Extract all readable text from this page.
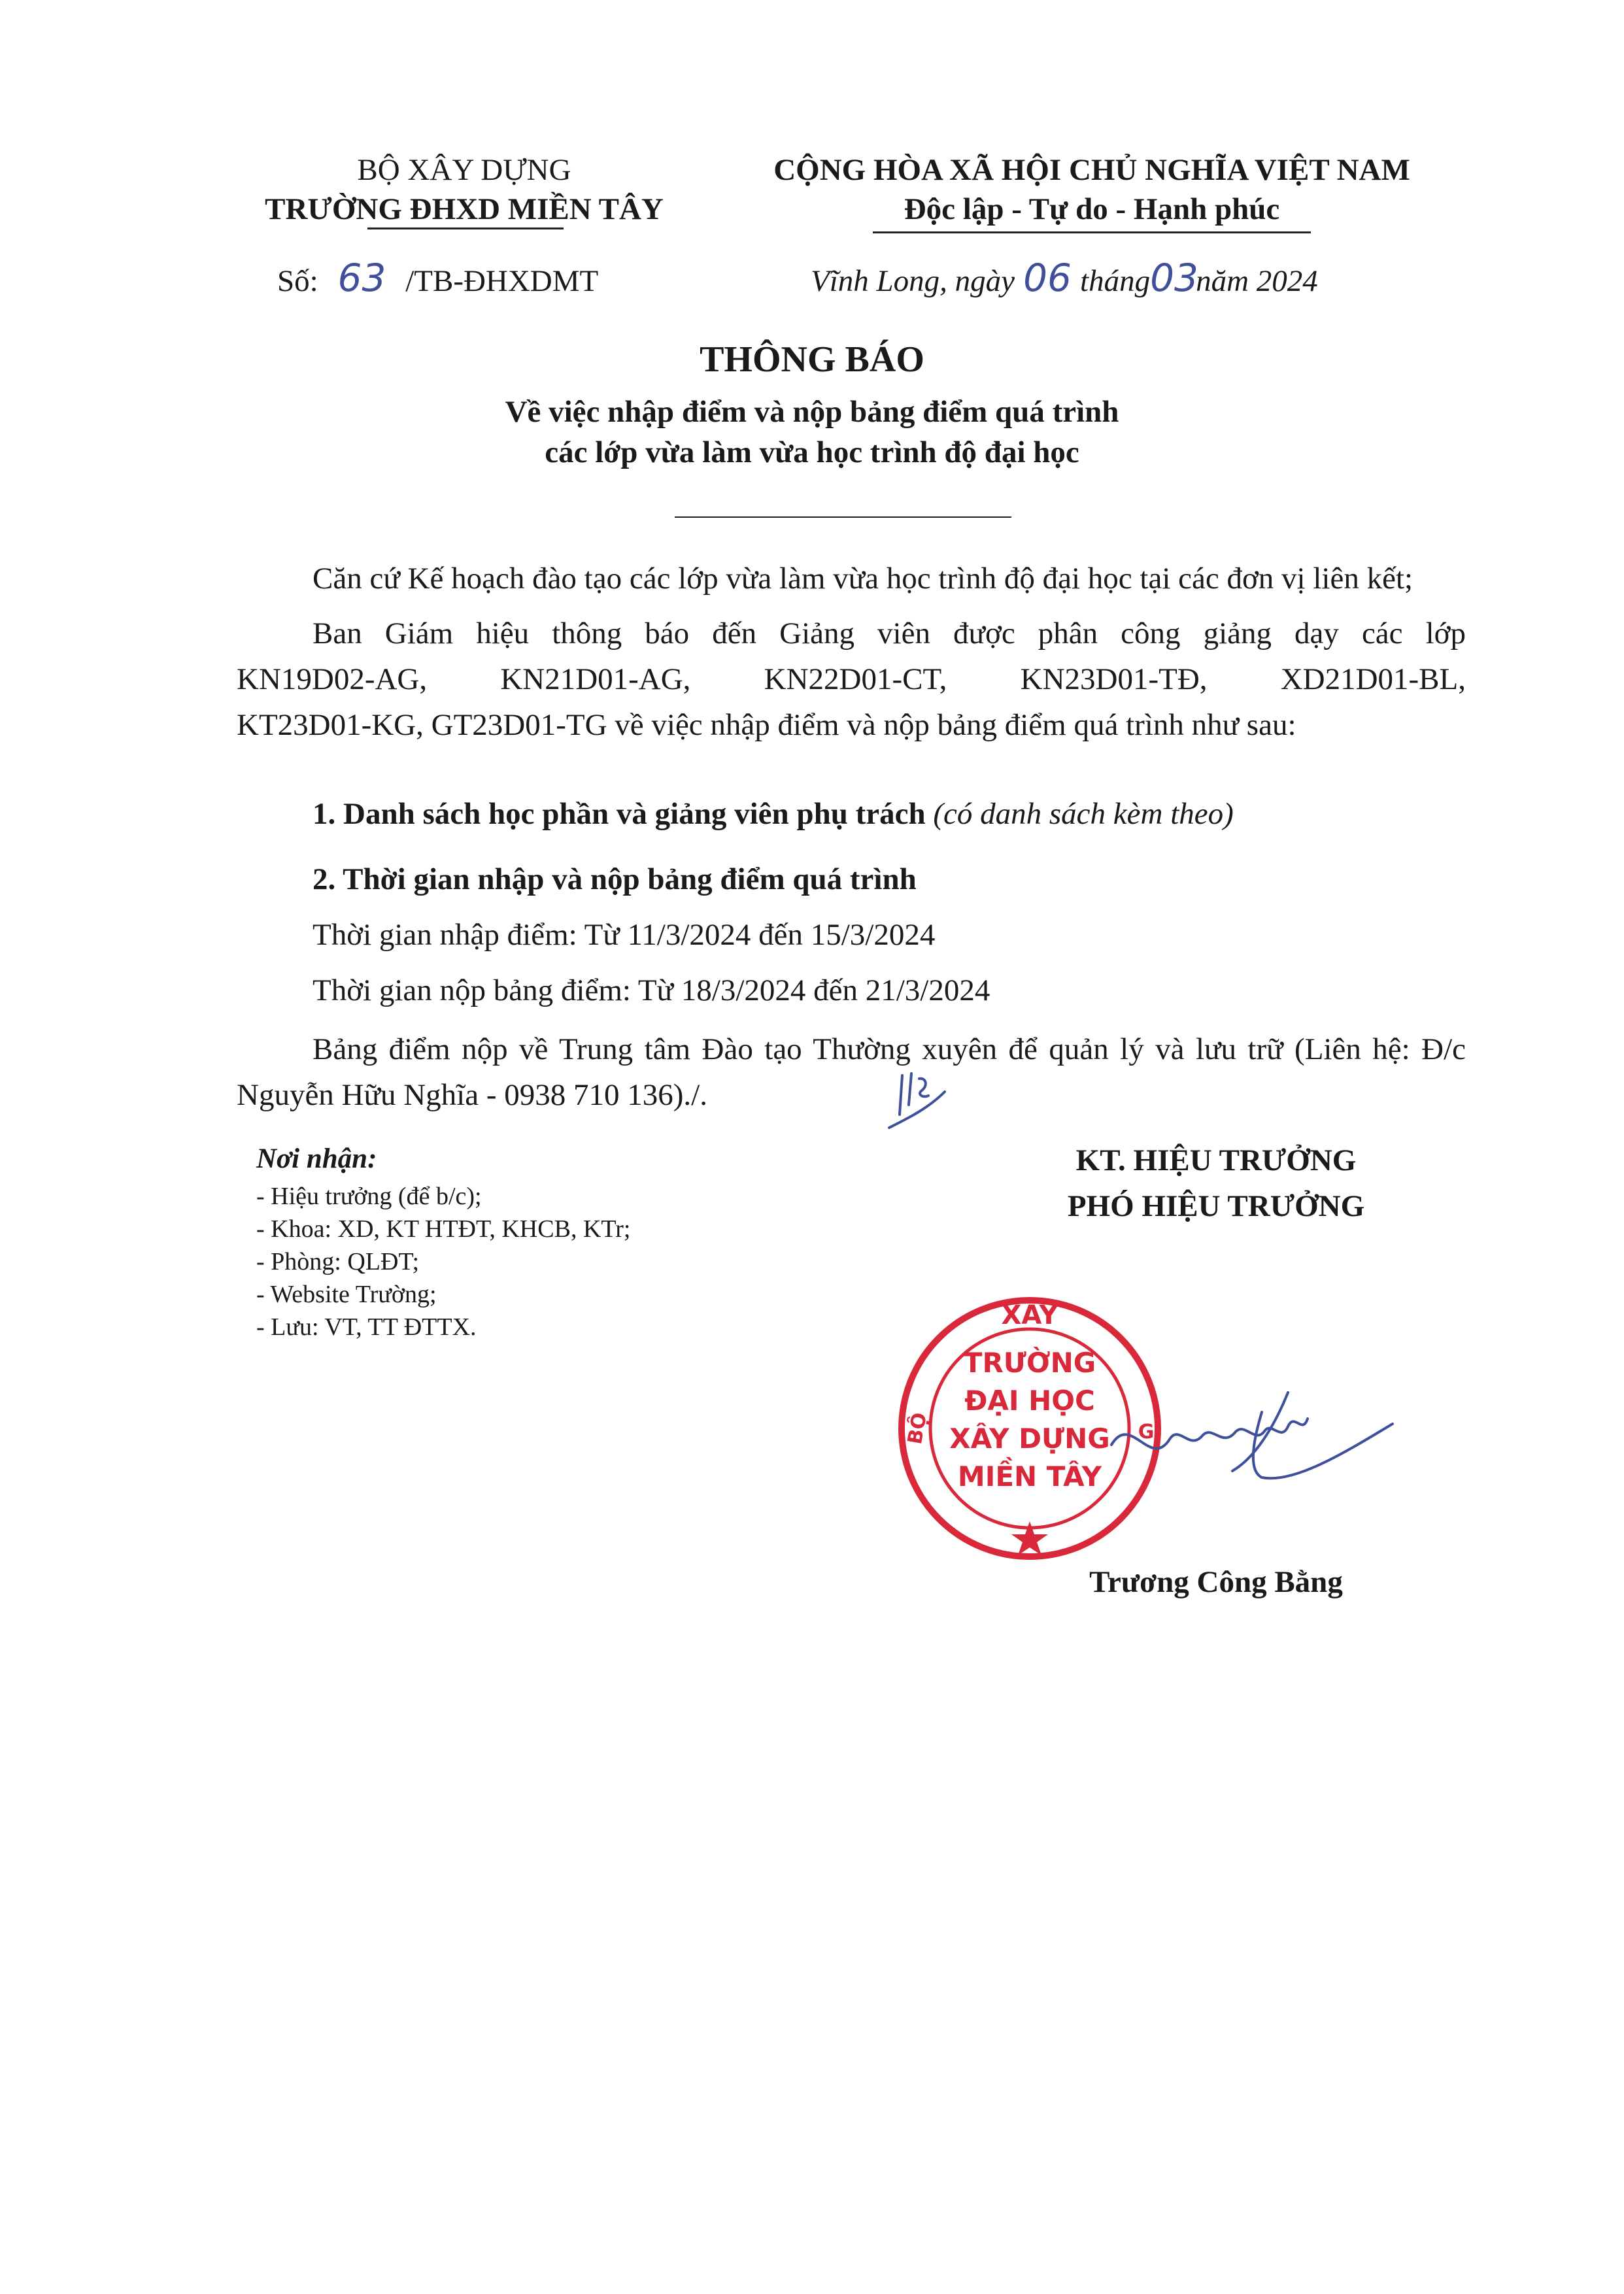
BỘ XÂY DỰNG
TRƯỜNG ĐHXD MIỀN TÂY
Số: 63 /TB-ĐHXDMT
CỘNG HÒA XÃ HỘI CHỦ NGHĨA VIỆT NAM
Độc lập - Tự do - Hạnh phúc
Vĩnh Long, ngày 06 tháng03năm 2024
THÔNG BÁO
Về việc nhập điểm và nộp bảng điểm quá trình
các lớp vừa làm vừa học trình độ đại học

Căn cứ Kế hoạch đào tạo các lớp vừa làm vừa học trình độ đại học tại các đơn vị liên kết;

Ban Giám hiệu thông báo đến Giảng viên được phân công giảng dạy các lớp

KN19D02-AG, KN21D01-AG, KN22D01-CT, KN23D01-TĐ, XD21D01-BL,

KT23D01-KG, GT23D01-TG về việc nhập điểm và nộp bảng điểm quá trình như sau:

1. Danh sách học phần và giảng viên phụ trách (có danh sách kèm theo)
2. Thời gian nhập và nộp bảng điểm quá trình
Thời gian nhập điểm: Từ 11/3/2024 đến 15/3/2024
Thời gian nộp bảng điểm: Từ 18/3/2024 đến 21/3/2024

Bảng điểm nộp về Trung tâm Đào tạo Thường xuyên để quản lý và lưu trữ (Liên hệ: Đ/c Nguyễn Hữu Nghĩa - 0938 710 136)./.

Nơi nhận:
- Hiệu trưởng (để b/c);
- Khoa: XD, KT HTĐT, KHCB, KTr;
- Phòng: QLĐT;
- Website Trường;
- Lưu: VT, TT ĐTTX.
KT. HIỆU TRƯỞNG
PHÓ HIỆU TRƯỞNG
XÂY
TRƯỜNG
ĐẠI HỌC
XÂY DỰNG
MIỀN TÂY
BỘ	G
Trương Công Bằng
